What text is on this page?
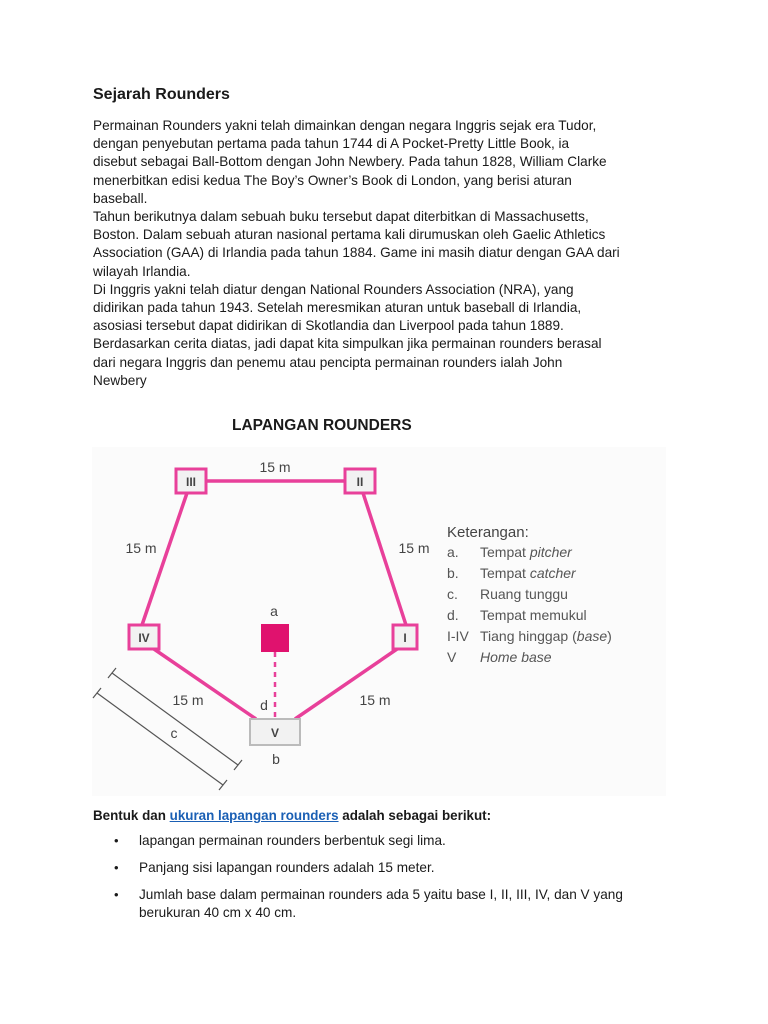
Sejarah Rounders

Permainan Rounders yakni telah dimainkan dengan negara Inggris sejak era Tudor,

dengan penyebutan pertama pada tahun 1744 di A Pocket-Pretty Little Book, ia

disebut sebagai Ball-Bottom dengan John Newbery. Pada tahun 1828, William Clarke

menerbitkan edisi kedua The Boy’s Owner’s Book di London, yang berisi aturan

baseball.

Tahun berikutnya dalam sebuah buku tersebut dapat diterbitkan di Massachusetts,

Boston. Dalam sebuah aturan nasional pertama kali dirumuskan oleh Gaelic Athletics

Association (GAA) di Irlandia pada tahun 1884. Game ini masih diatur dengan GAA dari

wilayah Irlandia.

Di Inggris yakni telah diatur dengan National Rounders Association (NRA), yang

didirikan pada tahun 1943. Setelah meresmikan aturan untuk baseball di Irlandia,

asosiasi tersebut dapat didirikan di Skotlandia dan Liverpool pada tahun 1889.

Berdasarkan cerita diatas, jadi dapat kita simpulkan jika permainan rounders berasal

dari negara Inggris dan penemu atau pencipta permainan rounders ialah John

Newbery

LAPANGAN ROUNDERS
III	II
IV	I
V
15 m
15 m	15 m
15 m	15 m
a
d
b
c
Keterangan:
a. Tempat pitcher
b. Tempat catcher
c. Ruang tunggu
d. Tempat memukul
I-IV Tiang hinggap (base)
V Home base

Bentuk dan ukuran lapangan rounders adalah sebagai berikut:

• lapangan permainan rounders berbentuk segi lima.
• Panjang sisi lapangan rounders adalah 15 meter.
• Jumlah base dalam permainan rounders ada 5 yaitu base I, II, III, IV, dan V yang
berukuran 40 cm x 40 cm.
